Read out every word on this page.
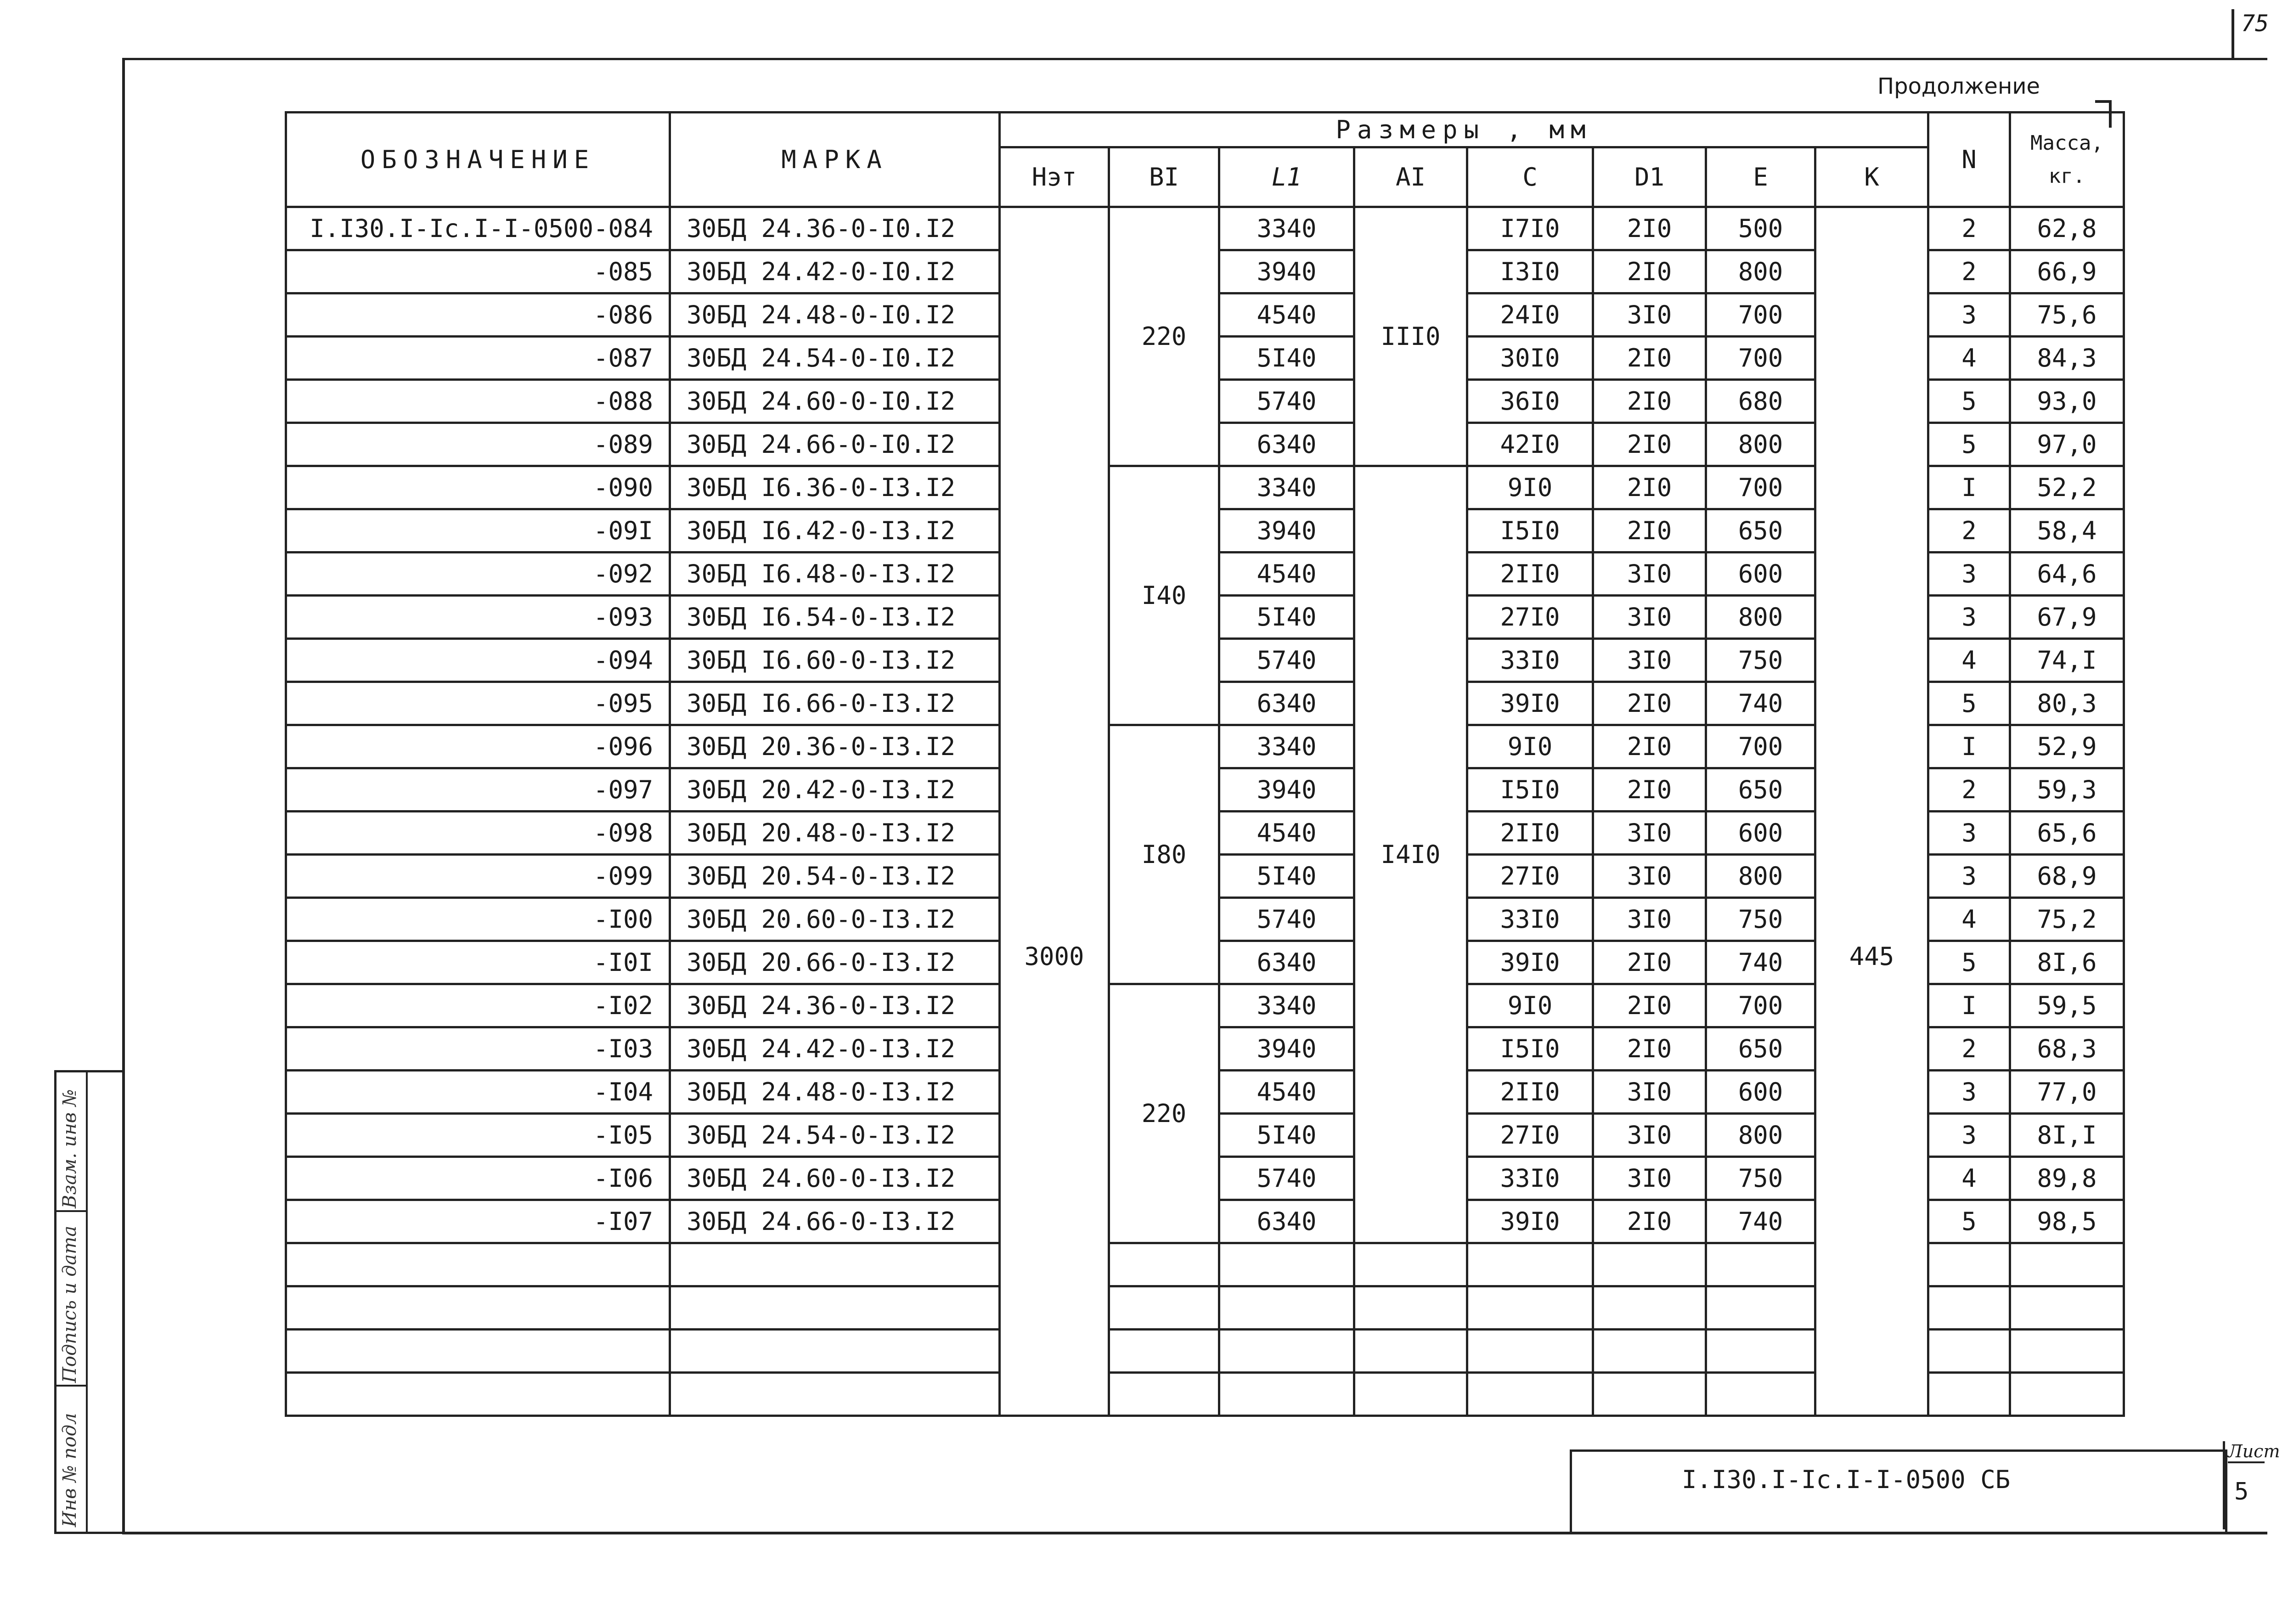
75
Взам. инв №
Подпись и дата
Инв № подл
Продолжение
ОБОЗНАЧЕНИЕ	МАРКА	Размеры , мм								N	Масса, кг.
		Нэт	BI	L1	AI	C	D1	E	K		
I.I30.I-Ic.I-I-0500-084	30БД 24.36-0-I0.I2	3000	220	3340	III0	I7I0	2I0	500	445	2	62,8
-085	30БД 24.42-0-I0.I2			3940		I3I0	2I0	800		2	66,9
-086	30БД 24.48-0-I0.I2			4540		24I0	3I0	700		3	75,6
-087	30БД 24.54-0-I0.I2			5I40		30I0	2I0	700		4	84,3
-088	30БД 24.60-0-I0.I2			5740		36I0	2I0	680		5	93,0
-089	30БД 24.66-0-I0.I2			6340		42I0	2I0	800		5	97,0
-090	30БД I6.36-0-I3.I2		I40	3340	I4I0	9I0	2I0	700		I	52,2
-09I	30БД I6.42-0-I3.I2			3940		I5I0	2I0	650		2	58,4
-092	30БД I6.48-0-I3.I2			4540		2II0	3I0	600		3	64,6
-093	30БД I6.54-0-I3.I2			5I40		27I0	3I0	800		3	67,9
-094	30БД I6.60-0-I3.I2			5740		33I0	3I0	750		4	74,I
-095	30БД I6.66-0-I3.I2			6340		39I0	2I0	740		5	80,3
-096	30БД 20.36-0-I3.I2		I80	3340		9I0	2I0	700		I	52,9
-097	30БД 20.42-0-I3.I2			3940		I5I0	2I0	650		2	59,3
-098	30БД 20.48-0-I3.I2			4540		2II0	3I0	600		3	65,6
-099	30БД 20.54-0-I3.I2			5I40		27I0	3I0	800		3	68,9
-I00	30БД 20.60-0-I3.I2			5740		33I0	3I0	750		4	75,2
-I0I	30БД 20.66-0-I3.I2			6340		39I0	2I0	740		5	8I,6
-I02	30БД 24.36-0-I3.I2		220	3340		9I0	2I0	700		I	59,5
-I03	30БД 24.42-0-I3.I2			3940		I5I0	2I0	650		2	68,3
-I04	30БД 24.48-0-I3.I2			4540		2II0	3I0	600		3	77,0
-I05	30БД 24.54-0-I3.I2			5I40		27I0	3I0	800		3	8I,I
-I06	30БД 24.60-0-I3.I2			5740		33I0	3I0	750		4	89,8
-I07	30БД 24.66-0-I3.I2			6340		39I0	2I0	740		5	98,5

I.I30.I-Ic.I-I-0500 СБ
Лист
5
